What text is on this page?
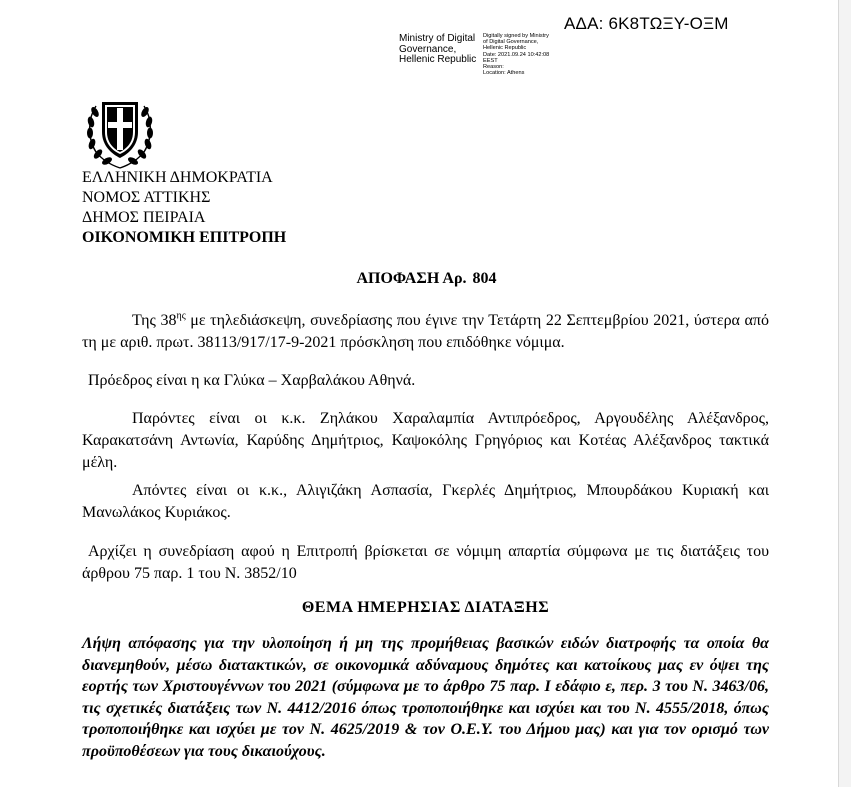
ΑΔΑ: 6Κ8ΤΩΞΥ-ΟΞΜ
Ministry of Digital
Governance,
Hellenic Republic
Digitally signed by Ministry
of Digital Governance,
Hellenic Republic
Date: 2021.09.24 10:42:08
EEST
Reason:
Location: Athens
ΕΛΛΗΝΙΚΗ ΔΗΜΟΚΡΑΤΙΑ
ΝΟΜΟΣ ΑΤΤΙΚΗΣ
ΔΗΜΟΣ ΠΕΙΡΑΙΑ
ΟΙΚΟΝΟΜΙΚΗ ΕΠΙΤΡΟΠΗ
ΑΠΟΦΑΣΗ Αρ. 804
Της $38^{\eta\varsigma}$ με τηλεδιάσκεψη, συνεδρίασης που έγινε την Τετάρτη 22 Σεπτεμβρίου 2021, ύστερα από τη με αριθ. πρωτ. 38113/917/17-9-2021 πρόσκληση που επιδόθηκε νόμιμα.
Πρόεδρος είναι η κα Γλύκα – Χαρβαλάκου Αθηνά.
Παρόντες είναι οι κ.κ. Ζηλάκου Χαραλαμπία Αντιπρόεδρος, Αργουδέλης Αλέξανδρος, Καρακατσάνη Αντωνία, Καρύδης Δημήτριος, Καψοκόλης Γρηγόριος και Κοτέας Αλέξανδρος τακτικά μέλη.
Απόντες είναι οι κ.κ., Αλιγιζάκη Ασπασία, Γκερλές Δημήτριος, Μπουρδάκου Κυριακή και Μανωλάκος Κυριάκος.
Αρχίζει η συνεδρίαση αφού η Επιτροπή βρίσκεται σε νόμιμη απαρτία σύμφωνα με τις διατάξεις του άρθρου 75 παρ. 1 του Ν. 3852/10
ΘΕΜΑ ΗΜΕΡΗΣΙΑΣ ΔΙΑΤΑΞΗΣ
Λήψη απόφασης για την υλοποίηση ή μη της προμήθειας βασικών ειδών διατροφής τα οποία θα διανεμηθούν, μέσω διατακτικών, σε οικονομικά αδύναμους δημότες και κατοίκους μας εν όψει της εορτής των Χριστουγέννων του 2021 (σύμφωνα με το άρθρο 75 παρ. Ι εδάφιο ε, περ. 3 του Ν. 3463/06, τις σχετικές διατάξεις των Ν. 4412/2016 όπως τροποποιήθηκε και ισχύει και του Ν. 4555/2018, όπως τροποποιήθηκε και ισχύει με τον Ν. 4625/2019 & τον Ο.Ε.Υ. του Δήμου μας) και για τον ορισμό των προϋποθέσεων για τους δικαιούχους.
